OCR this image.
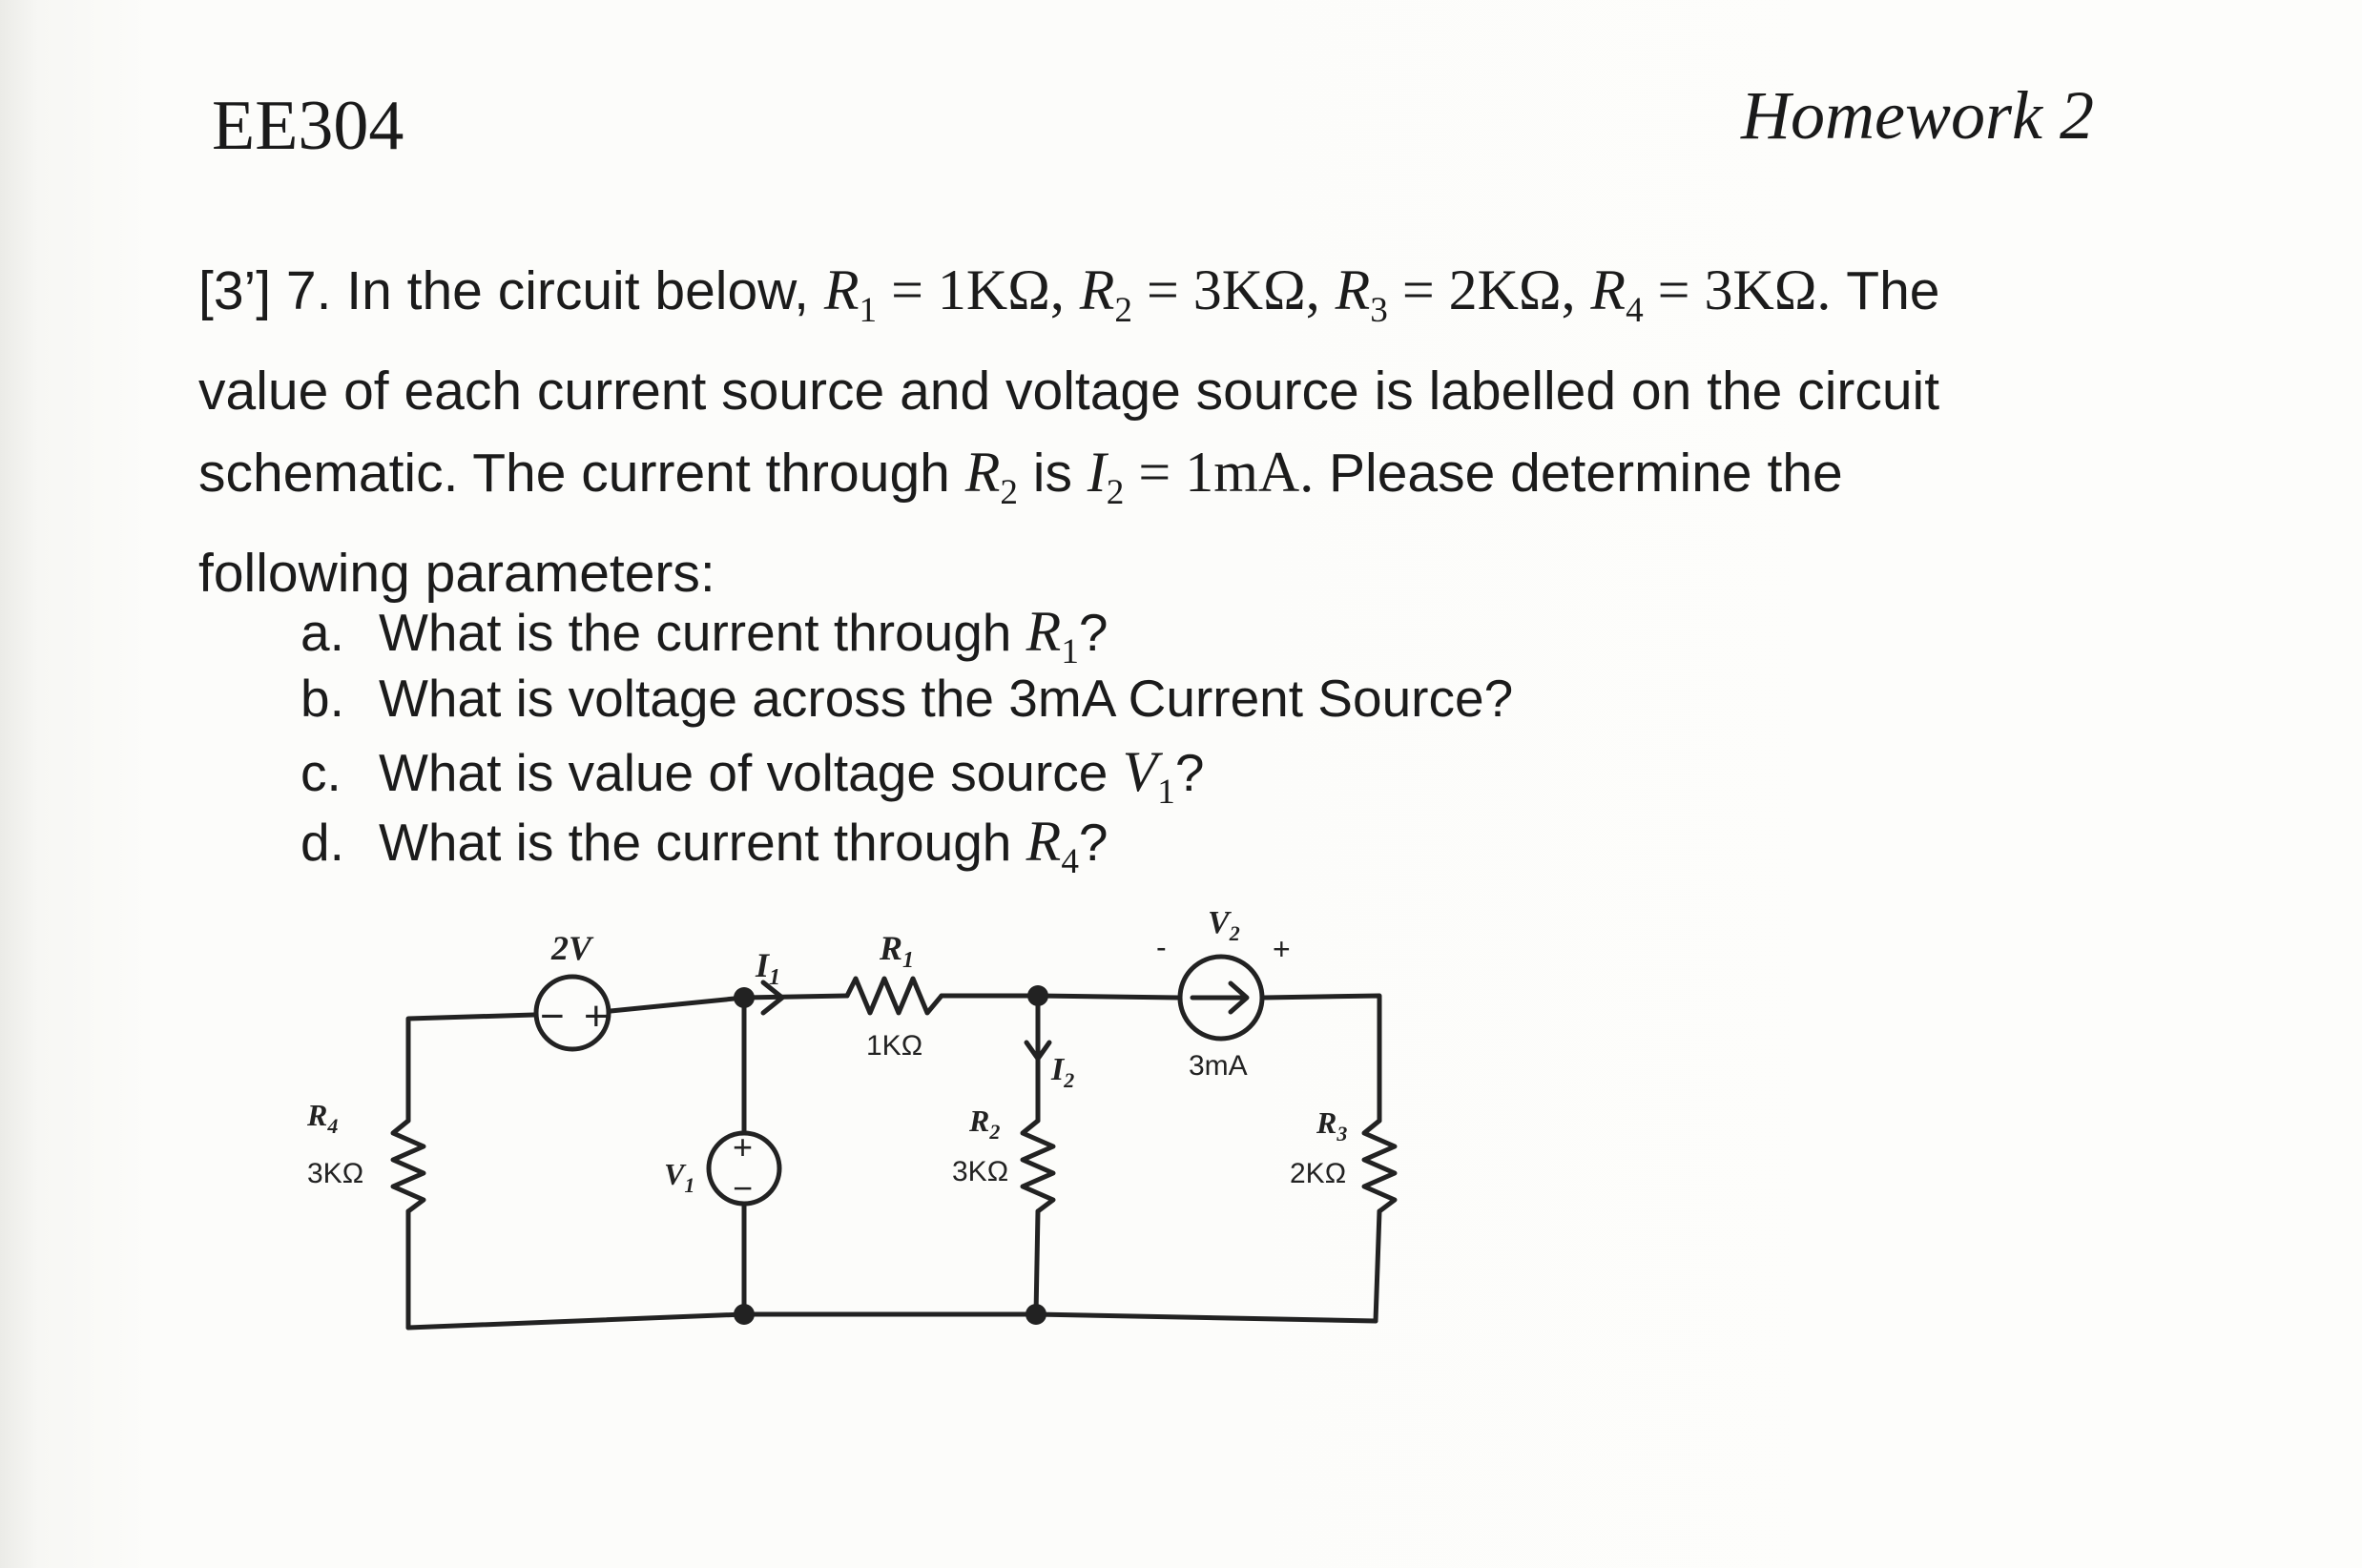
EE304	Homework 2
[3’] 7. In the circuit below, $R_1 = 1K\Omega$, $R_2 = 3K\Omega$, $R_3 = 2K\Omega$, $R_4 = 3K\Omega$. The value of each current source and voltage source is labelled on the circuit schematic. The current through $R_2$ is $I_2 = 1mA$. Please determine the following parameters:
a. What is the current through $R_1$?
b. What is voltage across the 3mA Current Source?
c. What is value of voltage source $V_1$?
d. What is the current through $R_4$?
− +
+
−
2V	$I_1$
$R_1$
1KΩ
$V_2$
-	+
3mA
$I_2$
$R_4$
3KΩ	$V_1$
$R_2$
3KΩ
$R_3$
2KΩ
